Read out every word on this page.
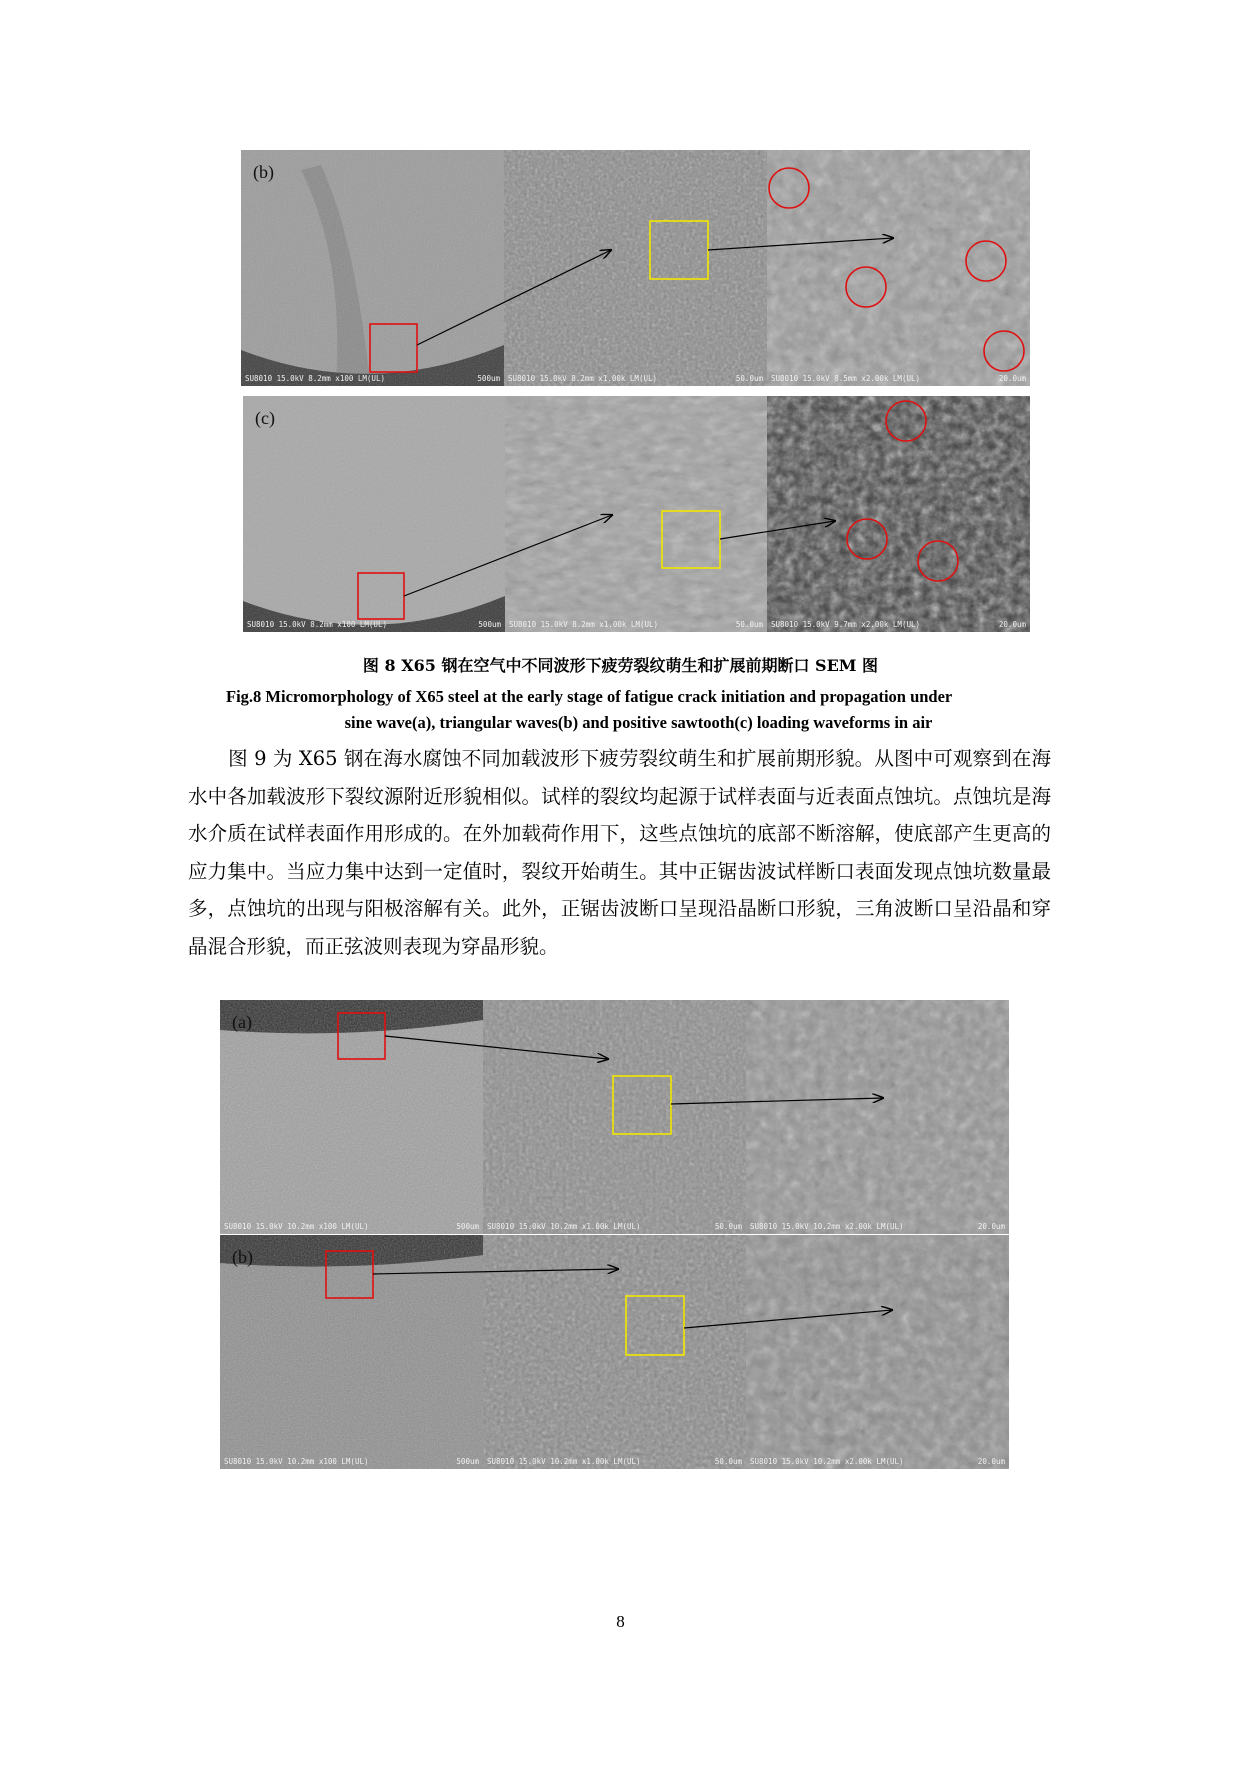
(b)
SU8010 15.0kV 8.2mm x100 LM(UL)	500um SU8010 15.0kV 8.2mm x1.00k LM(UL)	50.0um SU8010 15.0kV 8.5mm x2.00k LM(UL)	20.0um
(c)
SU8010 15.0kV 8.2mm x100 LM(UL)	500um SU8010 15.0kV 8.2mm x1.00k LM(UL)	50.0um SU8010 15.0kV 9.7mm x2.00k LM(UL)	20.0um
图 8 X65 钢在空气中不同波形下疲劳裂纹萌生和扩展前期断口 SEM 图
Fig.8 Micromorphology of X65 steel at the early stage of fatigue crack initiation and propagation under
sine wave(a), triangular waves(b) and positive sawtooth(c) loading waveforms in air
图 9 为 X65 钢在海水腐蚀不同加载波形下疲劳裂纹萌生和扩展前期形貌。从图中可观察到在海水中各加载波形下裂纹源附近形貌相似。试样的裂纹均起源于试样表面与近表面点蚀坑。点蚀坑是海水介质在试样表面作用形成的。在外加载荷作用下，这些点蚀坑的底部不断溶解，使底部产生更高的应力集中。当应力集中达到一定值时，裂纹开始萌生。其中正锯齿波试样断口表面发现点蚀坑数量最多，点蚀坑的出现与阳极溶解有关。此外，正锯齿波断口呈现沿晶断口形貌，三角波断口呈沿晶和穿晶混合形貌，而正弦波则表现为穿晶形貌。
(a)
SU8010 15.0kV 10.2mm x100 LM(UL)	500um SU8010 15.0kV 10.2mm x1.00k LM(UL)	50.0um SU8010 15.0kV 10.2mm x2.00k LM(UL)	20.0um
(b)
SU8010 15.0kV 10.2mm x100 LM(UL)	500um SU8010 15.0kV 10.2mm x1.00k LM(UL)	50.0um SU8010 15.0kV 10.2mm x2.00k LM(UL)	20.0um
8
